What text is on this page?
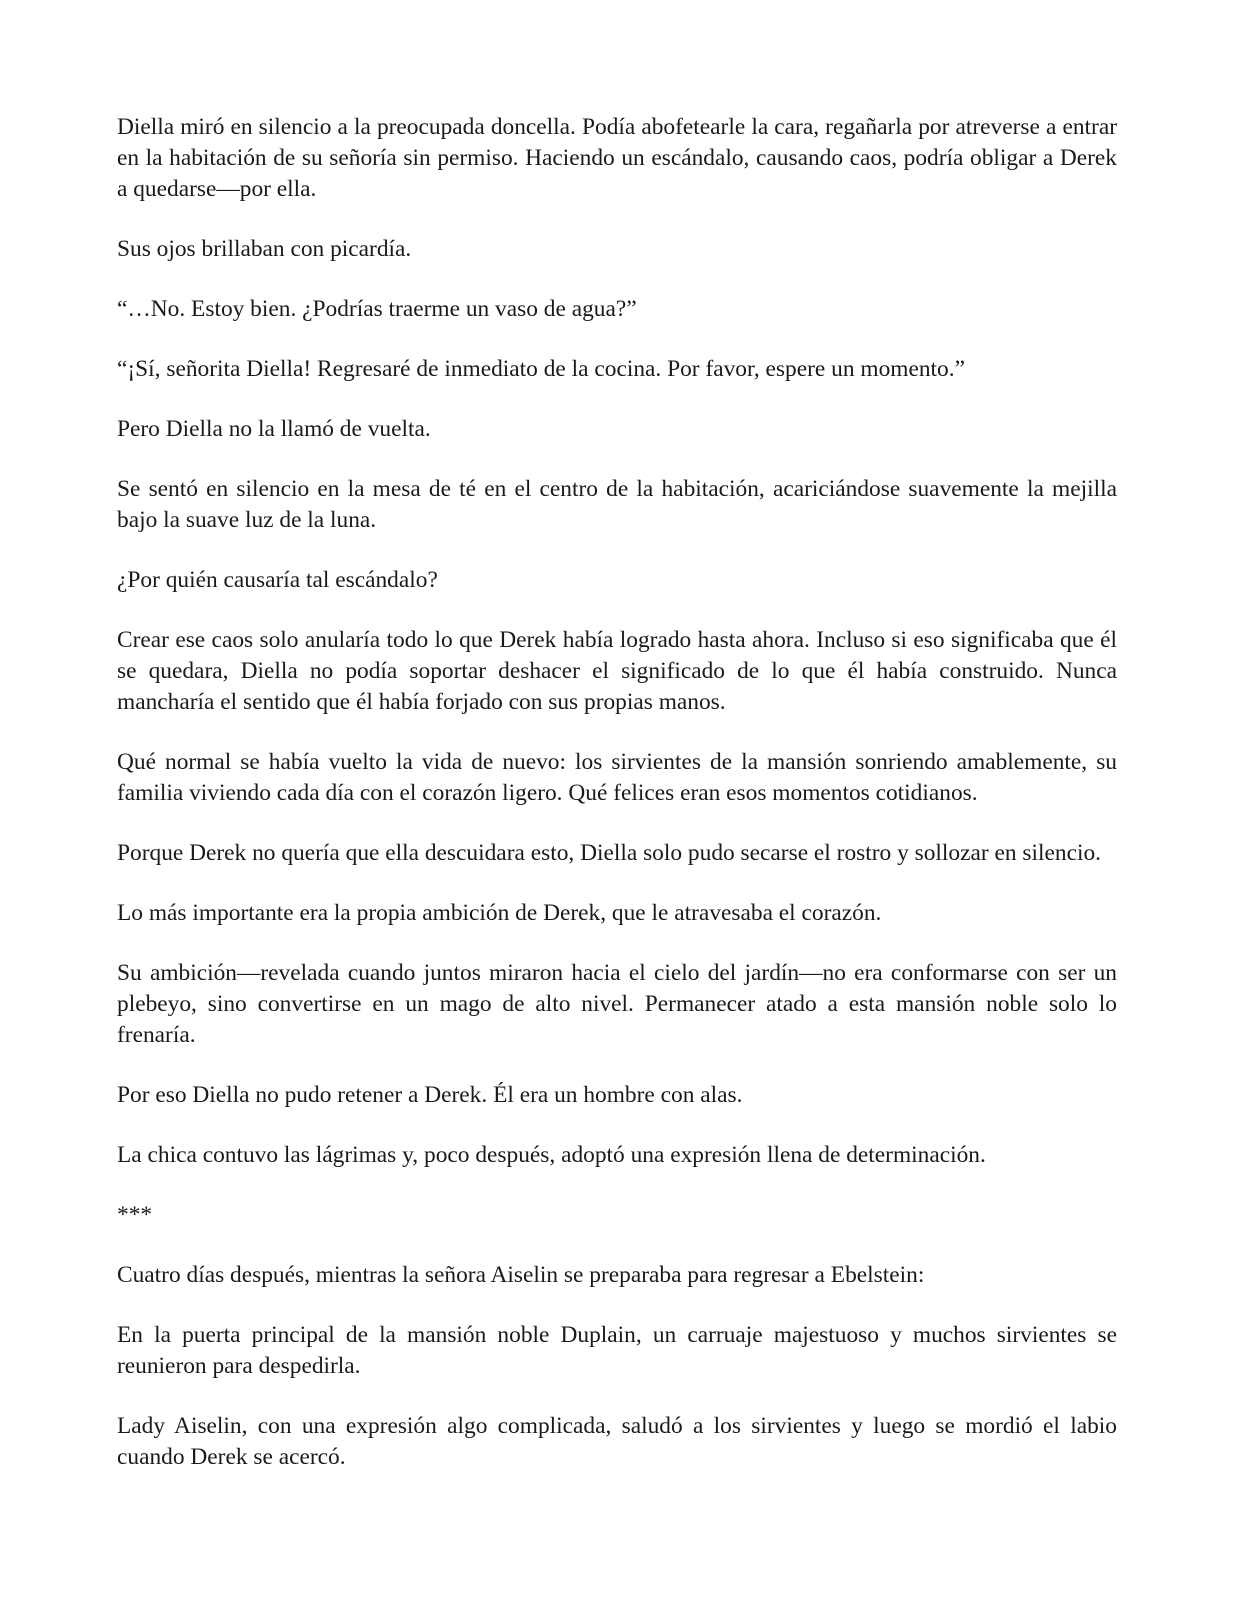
Diella miró en silencio a la preocupada doncella. Podía abofetearle la cara, regañarla por atreverse a entrar en la habitación de su señoría sin permiso. Haciendo un escándalo, causando caos, podría obligar a Derek a quedarse—por ella.

Sus ojos brillaban con picardía.

“…No. Estoy bien. ¿Podrías traerme un vaso de agua?”

“¡Sí, señorita Diella! Regresaré de inmediato de la cocina. Por favor, espere un momento.”

Pero Diella no la llamó de vuelta.

Se sentó en silencio en la mesa de té en el centro de la habitación, acariciándose suavemente la mejilla bajo la suave luz de la luna.

¿Por quién causaría tal escándalo?

Crear ese caos solo anularía todo lo que Derek había logrado hasta ahora. Incluso si eso significaba que él se quedara, Diella no podía soportar deshacer el significado de lo que él había construido. Nunca mancharía el sentido que él había forjado con sus propias manos.

Qué normal se había vuelto la vida de nuevo: los sirvientes de la mansión sonriendo amablemente, su familia viviendo cada día con el corazón ligero. Qué felices eran esos momentos cotidianos.

Porque Derek no quería que ella descuidara esto, Diella solo pudo secarse el rostro y sollozar en silencio.

Lo más importante era la propia ambición de Derek, que le atravesaba el corazón.

Su ambición—revelada cuando juntos miraron hacia el cielo del jardín—no era conformarse con ser un plebeyo, sino convertirse en un mago de alto nivel. Permanecer atado a esta mansión noble solo lo frenaría.

Por eso Diella no pudo retener a Derek. Él era un hombre con alas.

La chica contuvo las lágrimas y, poco después, adoptó una expresión llena de determinación.

***

Cuatro días después, mientras la señora Aiselin se preparaba para regresar a Ebelstein:

En la puerta principal de la mansión noble Duplain, un carruaje majestuoso y muchos sirvientes se reunieron para despedirla.

Lady Aiselin, con una expresión algo complicada, saludó a los sirvientes y luego se mordió el labio cuando Derek se acercó.
